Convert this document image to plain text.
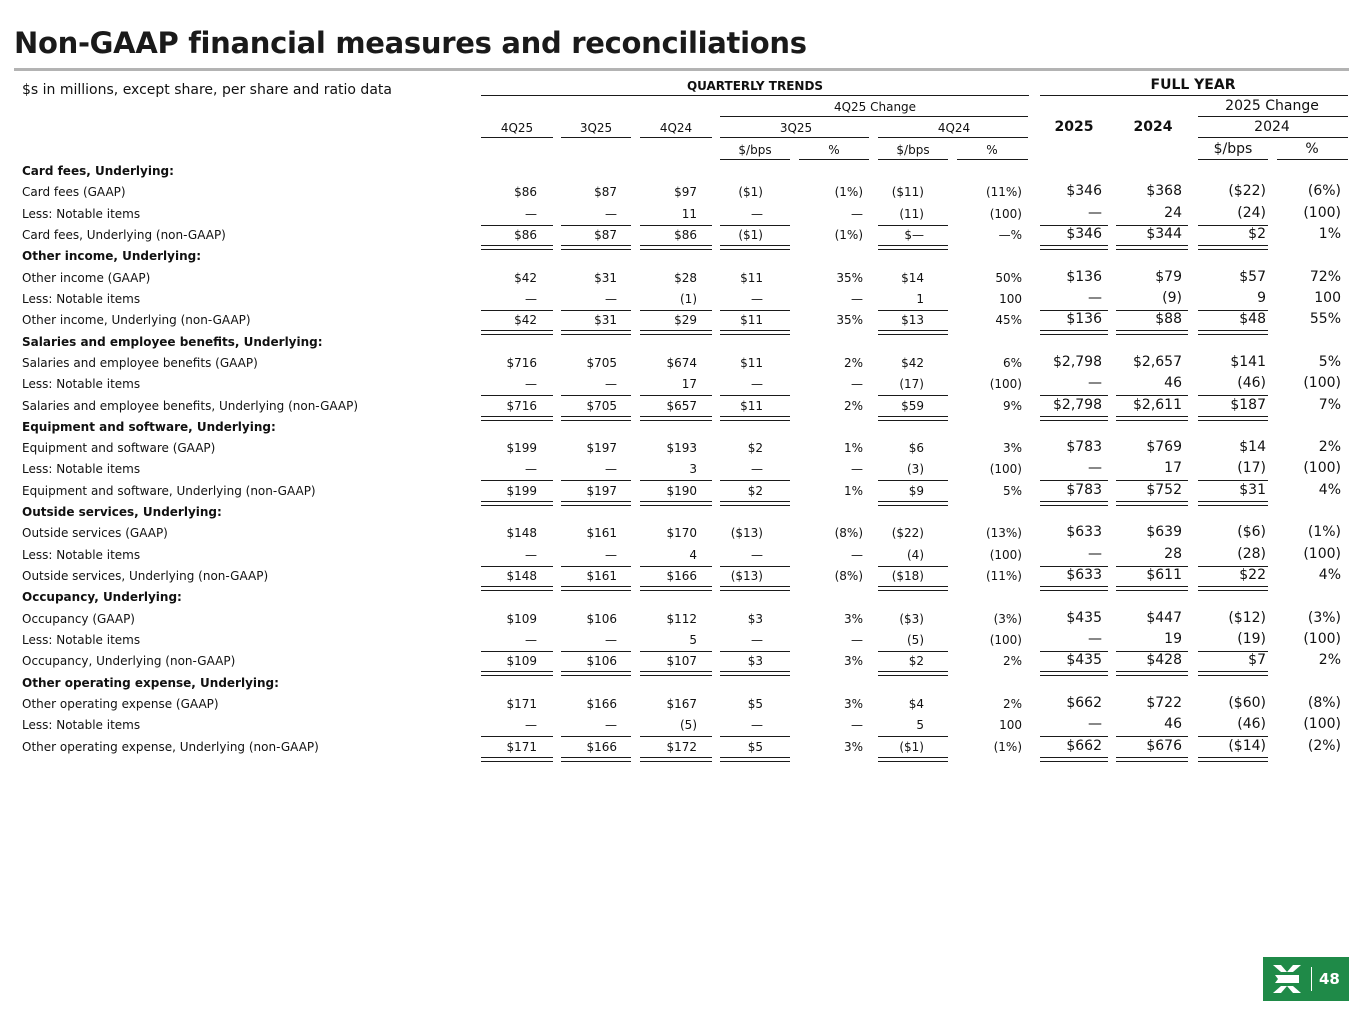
Non-GAAP financial measures and reconciliations
$s in millions, except share, per share and ratio data	QUARTERLY TRENDS	FULL YEAR
4Q25 Change	2025 Change
4Q25	3Q25	4Q24	3Q25	4Q24	2025	2024	2024
$/bps	%	$/bps	%	$/bps	%
Card fees, Underlying:
Card fees (GAAP)	$86	$87	$97	($1)	(1%)	($11)	(11%)	$346	$368	($22)	(6%)
Less: Notable items	—	—	11	—	—	(11)	(100)	—	24	(24)	(100)
Card fees, Underlying (non-GAAP)	$86	$87	$86	($1)	(1%)	$—	—%	$346	$344	$2	1%
Other income, Underlying:
Other income (GAAP)	$42	$31	$28	$11	35%	$14	50%	$136	$79	$57	72%
Less: Notable items	—	—	(1)	—	—	1	100	—	(9)	9	100
Other income, Underlying (non-GAAP)	$42	$31	$29	$11	35%	$13	45%	$136	$88	$48	55%
Salaries and employee benefits, Underlying:
Salaries and employee benefits (GAAP)	$716	$705	$674	$11	2%	$42	6%	$2,798	$2,657	$141	5%
Less: Notable items	—	—	17	—	—	(17)	(100)	—	46	(46)	(100)
Salaries and employee benefits, Underlying (non-GAAP)	$716	$705	$657	$11	2%	$59	9%	$2,798	$2,611	$187	7%
Equipment and software, Underlying:
Equipment and software (GAAP)	$199	$197	$193	$2	1%	$6	3%	$783	$769	$14	2%
Less: Notable items	—	—	3	—	—	(3)	(100)	—	17	(17)	(100)
Equipment and software, Underlying (non-GAAP)	$199	$197	$190	$2	1%	$9	5%	$783	$752	$31	4%
Outside services, Underlying:
Outside services (GAAP)	$148	$161	$170	($13)	(8%)	($22)	(13%)	$633	$639	($6)	(1%)
Less: Notable items	—	—	4	—	—	(4)	(100)	—	28	(28)	(100)
Outside services, Underlying (non-GAAP)	$148	$161	$166	($13)	(8%)	($18)	(11%)	$633	$611	$22	4%
Occupancy, Underlying:
Occupancy (GAAP)	$109	$106	$112	$3	3%	($3)	(3%)	$435	$447	($12)	(3%)
Less: Notable items	—	—	5	—	—	(5)	(100)	—	19	(19)	(100)
Occupancy, Underlying (non-GAAP)	$109	$106	$107	$3	3%	$2	2%	$435	$428	$7	2%
Other operating expense, Underlying:
Other operating expense (GAAP)	$171	$166	$167	$5	3%	$4	2%	$662	$722	($60)	(8%)
Less: Notable items	—	—	(5)	—	—	5	100	—	46	(46)	(100)
Other operating expense, Underlying (non-GAAP)	$171	$166	$172	$5	3%	($1)	(1%)	$662	$676	($14)	(2%)
48
